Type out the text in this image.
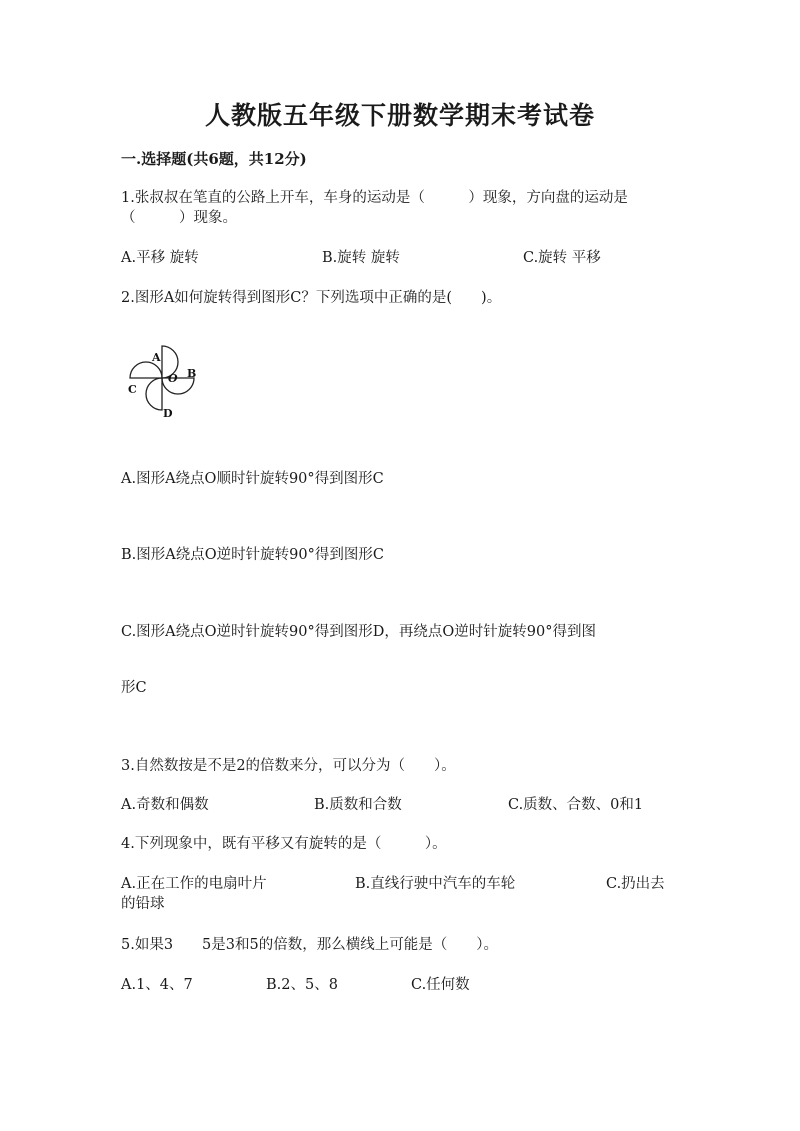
人教版五年级下册数学期末考试卷
一.选择题(共6题，共12分)
1.张叔叔在笔直的公路上开车，车身的运动是（　　　）现象，方向盘的运动是
（　　　）现象。
A.平移 旋转	B.旋转 旋转	C.旋转 平移
2.图形A如何旋转得到图形C？下列选项中正确的是(　　)。
A
B
C
D
O
A.图形A绕点O顺时针旋转90°得到图形C
B.图形A绕点O逆时针旋转90°得到图形C
C.图形A绕点O逆时针旋转90°得到图形D，再绕点O逆时针旋转90°得到图
形C
3.自然数按是不是2的倍数来分，可以分为（　　）。
A.奇数和偶数	B.质数和合数	C.质数、合数、0和1
4.下列现象中，既有平移又有旋转的是（　　　）。
A.正在工作的电扇叶片	B.直线行驶中汽车的车轮	C.扔出去
的铅球
5.如果3　　5是3和5的倍数，那么横线上可能是（　　）。
A.1、4、7	B.2、5、8	C.任何数
